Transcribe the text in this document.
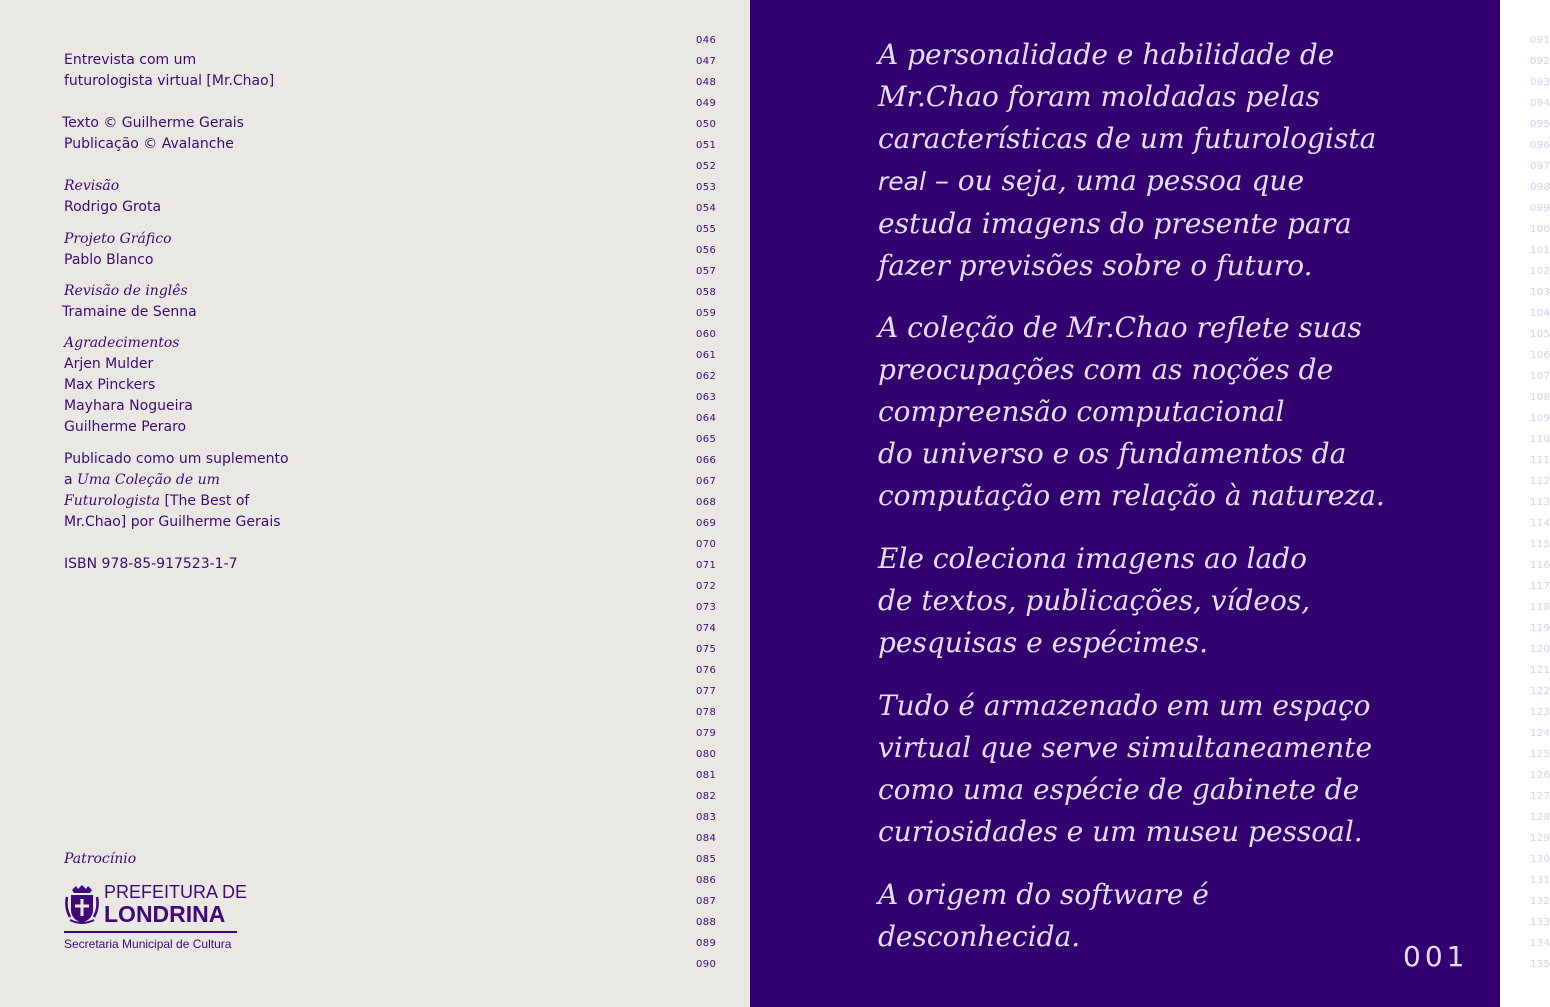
Entrevista com um
futurologista virtual [Mr.Chao]
Texto © Guilherme Gerais
Publicação © Avalanche
Revisão
Rodrigo Grota
Projeto Gráfico
Pablo Blanco
Revisão de inglês
Tramaine de Senna
Agradecimentos
Arjen Mulder
Max Pinckers
Mayhara Nogueira
Guilherme Peraro
Publicado como um suplemento
a Uma Coleção de um
Futurologista [The Best of
Mr.Chao] por Guilherme Gerais
ISBN 978-85-917523-1-7
Patrocínio
PREFEITURA DE
LONDRINA
Secretaria Municipal de Cultura
046
047
048
049
050
051
052
053
054
055
056
057
058
059
060
061
062
063
064
065
066
067
068
069
070
071
072
073
074
075
076
077
078
079
080
081
082
083
084
085
086
087
088
089
090
091
092
093
094
095
096
097
098
099
100
101
102
103
104
105
106
107
108
109
110
111
112
113
114
115
116
117
118
119
120
121
122
123
124
125
126
127
128
129
130
131
132
133
134
135
A personalidade e habilidade de
Mr.Chao foram moldadas pelas
características de um futurologista
real – ou seja, uma pessoa que
estuda imagens do presente para
fazer previsões sobre o futuro.
A coleção de Mr.Chao reflete suas
preocupações com as noções de
compreensão computacional
do universo e os fundamentos da
computação em relação à natureza.
Ele coleciona imagens ao lado
de textos, publicações, vídeos,
pesquisas e espécimes.
Tudo é armazenado em um espaço
virtual que serve simultaneamente
como uma espécie de gabinete de
curiosidades e um museu pessoal.
A origem do software é
desconhecida.
001
